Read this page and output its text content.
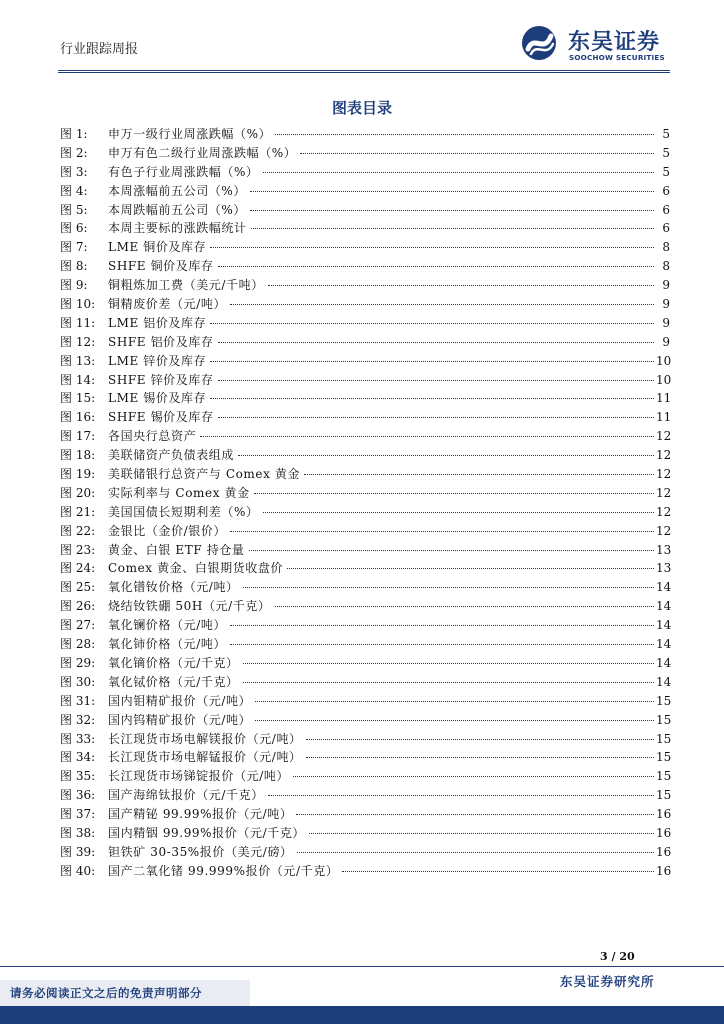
行业跟踪周报	东吴证券
SOOCHOW SECURITIES
图表目录
图 1:	申万一级行业周涨跌幅（%）	5
图 2:	申万有色二级行业周涨跌幅（%）	5
图 3:	有色子行业周涨跌幅（%）	5
图 4:	本周涨幅前五公司（%）	6
图 5:	本周跌幅前五公司（%）	6
图 6:	本周主要标的涨跌幅统计	6
图 7:	LME 铜价及库存	8
图 8:	SHFE 铜价及库存	8
图 9:	铜粗炼加工费（美元/千吨）	9
图 10:	铜精废价差（元/吨）	9
图 11:	LME 铝价及库存	9
图 12:	SHFE 铝价及库存	9
图 13:	LME 锌价及库存	10
图 14:	SHFE 锌价及库存	10
图 15:	LME 锡价及库存	11
图 16:	SHFE 锡价及库存	11
图 17:	各国央行总资产	12
图 18:	美联储资产负债表组成	12
图 19:	美联储银行总资产与 Comex 黄金	12
图 20:	实际利率与 Comex 黄金	12
图 21:	美国国债长短期利差（%）	12
图 22:	金银比（金价/银价）	12
图 23:	黄金、白银 ETF 持仓量	13
图 24:	Comex 黄金、白银期货收盘价	13
图 25:	氧化镨钕价格（元/吨）	14
图 26:	烧结钕铁硼 50H（元/千克）	14
图 27:	氧化镧价格（元/吨）	14
图 28:	氧化铈价格（元/吨）	14
图 29:	氧化镝价格（元/千克）	14
图 30:	氧化铽价格（元/千克）	14
图 31:	国内钼精矿报价（元/吨）	15
图 32:	国内钨精矿报价（元/吨）	15
图 33:	长江现货市场电解镁报价（元/吨）	15
图 34:	长江现货市场电解锰报价（元/吨）	15
图 35:	长江现货市场锑锭报价（元/吨）	15
图 36:	国产海绵钛报价（元/千克）	15
图 37:	国产精铋 99.99%报价（元/吨）	16
图 38:	国内精铟 99.99%报价（元/千克）	16
图 39:	钽铁矿 30-35%报价（美元/磅）	16
图 40:	国产二氧化锗 99.999%报价（元/千克）	16
3 / 20
东吴证券研究所
请务必阅读正文之后的免责声明部分
